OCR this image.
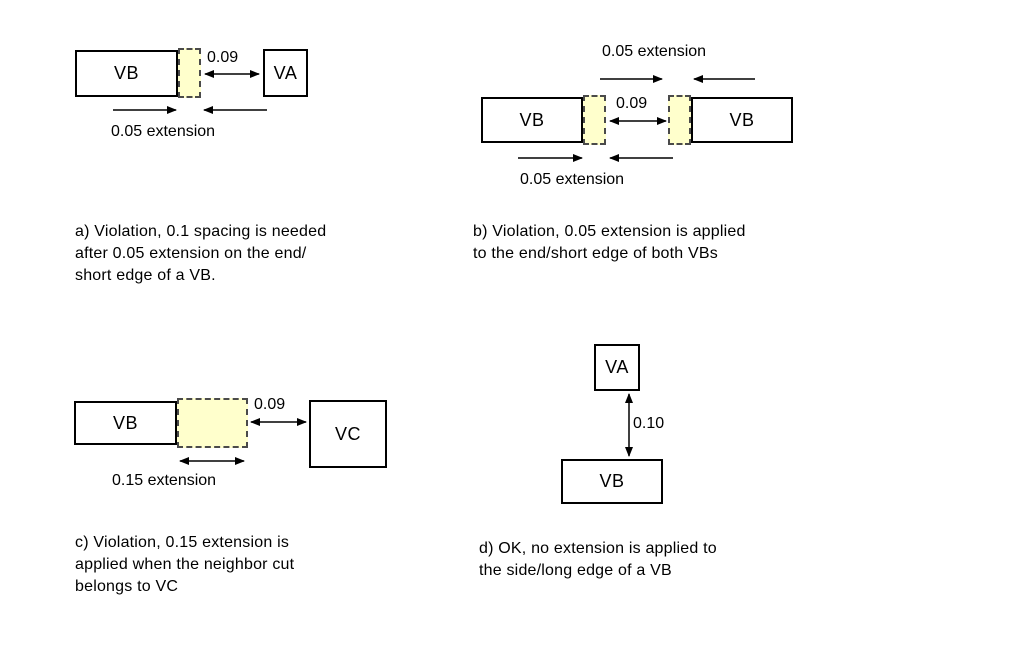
VB	VA
0.09
0.05 extension
a) Violation, 0.1 spacing is needed
after 0.05 extension on the end/
short edge of a VB.
0.05 extension
VB	VB
0.09
0.05 extension
b) Violation, 0.05 extension is applied
to the end/short edge of both VBs
VB
VC
0.09
0.15 extension
c) Violation, 0.15 extension is
applied when the neighbor cut
belongs to VC
VA
VB
0.10
d) OK, no extension is applied to
the side/long edge of a VB
